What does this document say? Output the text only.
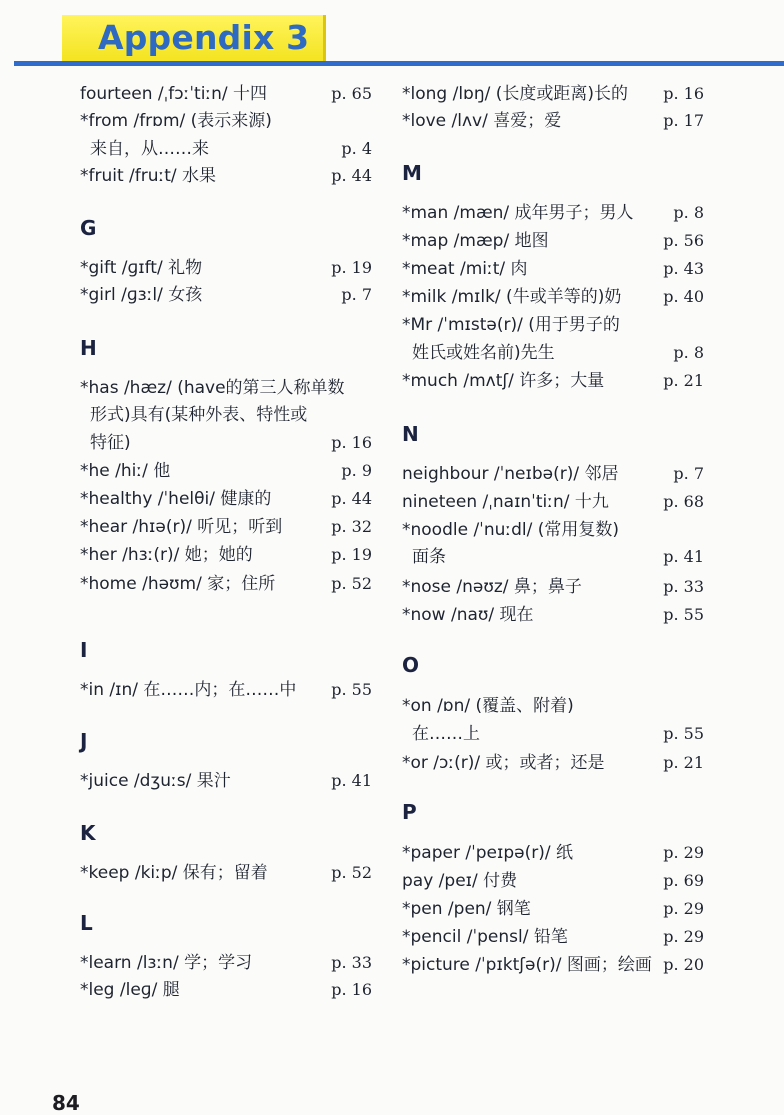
Appendix 3
fourteen /ˌfɔːˈtiːn/ 十四	p. 65
*from /frɒm/ (表示来源)
来自，从……来	p. 4
*fruit /fruːt/ 水果	p. 44
G
*gift /ɡɪft/ 礼物	p. 19
*girl /ɡɜːl/ 女孩	p. 7
H
*has /hæz/ (have的第三人称单数
形式)具有(某种外表、特性或
特征)	p. 16
*he /hiː/ 他	p. 9
*healthy /ˈhelθi/ 健康的	p. 44
*hear /hɪə(r)/ 听见；听到	p. 32
*her /hɜː(r)/ 她；她的	p. 19
*home /həʊm/ 家；住所	p. 52
I
*in /ɪn/ 在……内；在……中 p. 55
J
*juice /dʒuːs/ 果汁	p. 41
K
*keep /kiːp/ 保有；留着	p. 52
L
*learn /lɜːn/ 学；学习	p. 33
*leg /leɡ/ 腿	p. 16
*long /lɒŋ/ (长度或距离)长的 p. 16
*love /lʌv/ 喜爱；爱	p. 17
M
*man /mæn/ 成年男子；男人 p. 8
*map /mæp/ 地图	p. 56
*meat /miːt/ 肉	p. 43
*milk /mɪlk/ (牛或羊等的)奶	p. 40
*Mr /ˈmɪstə(r)/ (用于男子的
姓氏或姓名前)先生	p. 8
*much /mʌtʃ/ 许多；大量	p. 21
N
neighbour /ˈneɪbə(r)/ 邻居	p. 7
nineteen /ˌnaɪnˈtiːn/ 十九	p. 68
*noodle /ˈnuːdl/ (常用复数)
面条	p. 41
*nose /nəʊz/ 鼻；鼻子	p. 33
*now /naʊ/ 现在	p. 55
O
*on /ɒn/ (覆盖、附着)
在……上	p. 55
*or /ɔː(r)/ 或；或者；还是	p. 21
P
*paper /ˈpeɪpə(r)/ 纸	p. 29
pay /peɪ/ 付费	p. 69
*pen /pen/ 钢笔	p. 29
*pencil /ˈpensl/ 铅笔	p. 29
*picture /ˈpɪktʃə(r)/ 图画；绘画 p. 20
84
